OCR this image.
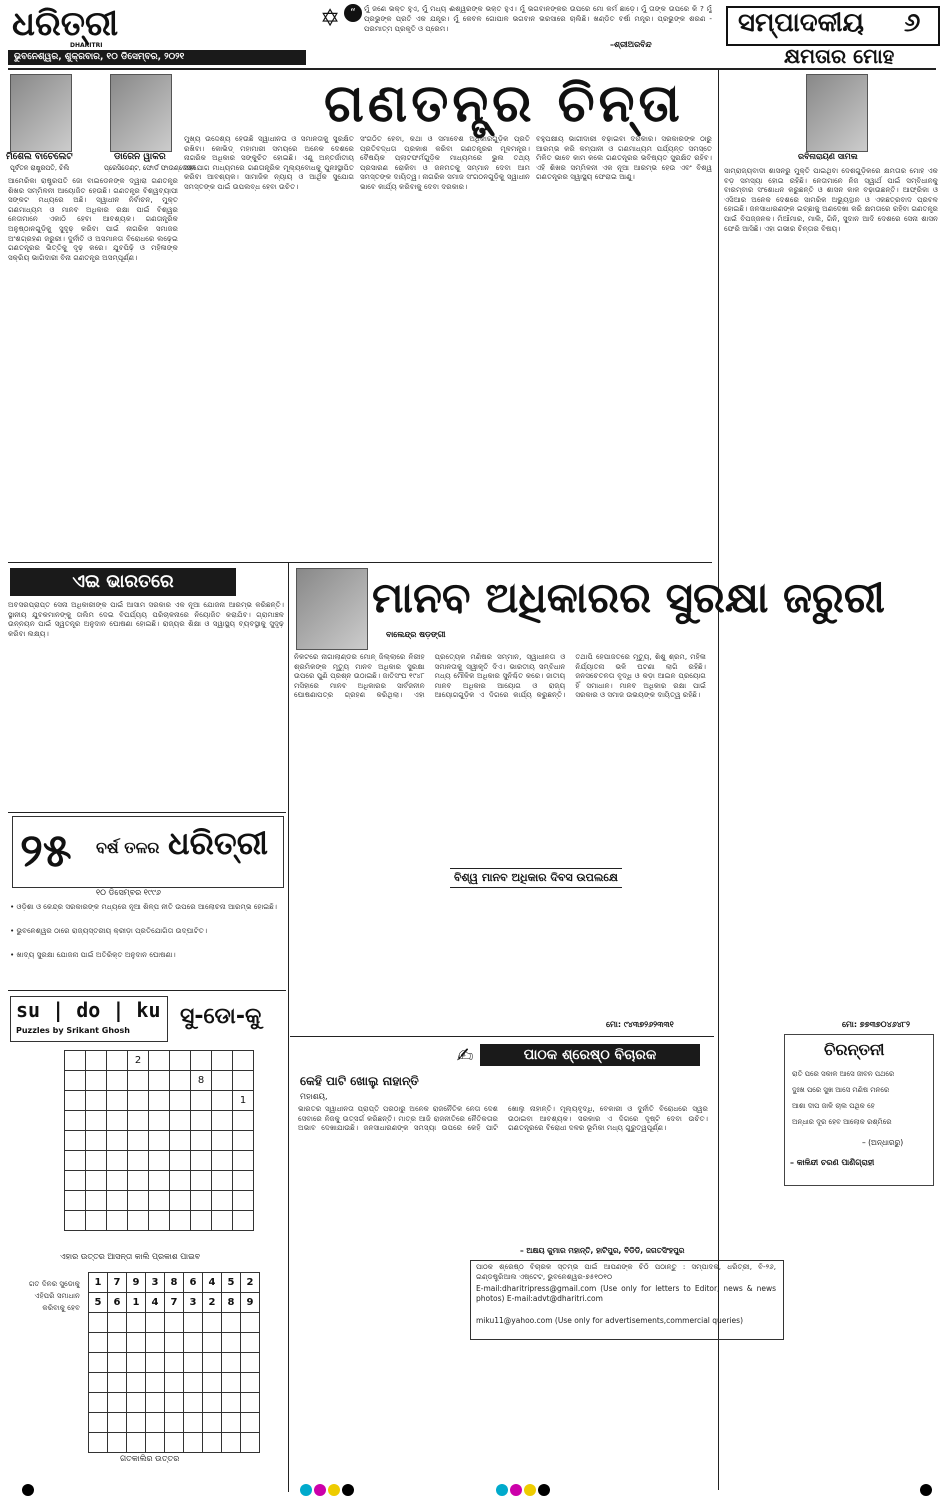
ଧରିତ୍ରୀ
DHARITRI
ଭୁବନେଶ୍ୱର, ଶୁକ୍ରବାର, ୧୦ ଡିସେମ୍ବର, ୨୦୨୧
✡ “	ମୁଁ ଜଣେ ଭକ୍ତ ହୁଏ, ମୁଁ ମଧ୍ୟ ଈଶ୍ୱରଙ୍କ ଭକ୍ତ ହୁଏ। ମୁଁ ଭଗବାନଙ୍କର ଉପରେ ମୋ କର୍ମ ଛାଡ଼େ। ମୁଁ ତାଙ୍କ ଉପରେ କି ? ମୁଁ ପ୍ରଭୁଙ୍କ ପ୍ରତି ଏକ ଯନ୍ତ୍ର। ମୁଁ କେବଳ ଗୋପାଳ ଭଗବାନ ଭରସାରେ ଚାଲିଛି। ଖଣ୍ଡିତ ବର୍ଷା ମନ୍ତ୍ର। ପ୍ରଭୁଙ୍କ ଶରଣ - ପରମାତ୍ମ ପ୍ରକୃତି ଓ ପ୍ରେମ।
–ଶ୍ରୀଅରବିନ୍ଦ
ସମ୍ପାଦକୀୟ ୬
ମିଶେଲ ବାଚେଲେଟ
ପୂର୍ବତନ ରାଷ୍ଟ୍ରପତି, ଚିଲି
ଡାରେନ ୱାକର
ପ୍ରେସିଡେଣ୍ଟ, ଫୋର୍ଡ ଫାଉଣ୍ଡେସନ
ଗଣତନ୍ତ୍ର ଚିନ୍ତା
ଆମେରିକା ରାଷ୍ଟ୍ରପତି ଜୋ ବାଇଡେନଙ୍କ ଦ୍ୱାରା ଗଣତନ୍ତ୍ର ଶିଖର ସମ୍ମିଳନୀ ଆୟୋଜିତ ହେଉଛି। ଗଣତନ୍ତ୍ର ବିଶ୍ୱବ୍ୟାପୀ ସଙ୍କଟ ମଧ୍ୟରେ ଅଛି। ସ୍ୱାଧୀନ ନିର୍ବାଚନ, ମୁକ୍ତ ଗଣମାଧ୍ୟମ ଓ ମାନବ ଅଧିକାର ରକ୍ଷା ପାଇଁ ବିଶ୍ୱର ନେତାମାନେ ଏକାଠି ହେବା ଆବଶ୍ୟକ। ଗଣତାନ୍ତ୍ରିକ ଅନୁଷ୍ଠାନଗୁଡ଼ିକୁ ସୁଦୃଢ଼ କରିବା ପାଇଁ ନାଗରିକ ସମାଜର ଅଂଶଗ୍ରହଣ ଜରୁରୀ। ଦୁର୍ନୀତି ଓ ଅସମାନତା ବିରୋଧରେ ଲଢ଼େଇ ଗଣତନ୍ତ୍ରର ଭିତ୍ତିକୁ ଦୃଢ଼ କରେ। ଯୁବପିଢ଼ି ଓ ମହିଳାଙ୍କ ସକ୍ରିୟ ଭାଗିଦାରୀ ବିନା ଗଣତନ୍ତ୍ର ଅସମ୍ପୂର୍ଣ୍ଣ।
ମୁଖ୍ୟ ଉଦ୍ଦେଶ୍ୟ ହେଉଛି ସ୍ୱାଧୀନତା ଓ ସମାନତାକୁ ସୁରକ୍ଷିତ ରଖିବା। କୋଭିଡ୍ ମହାମାରୀ ସମୟରେ ଅନେକ ଦେଶରେ ନାଗରିକ ଅଧିକାର ସଙ୍କୁଚିତ ହୋଇଛି। ଏଣୁ ଅନ୍ତର୍ଜାତୀୟ ସହଯୋଗ ମାଧ୍ୟମରେ ଗଣତାନ୍ତ୍ରିକ ମୂଲ୍ୟବୋଧକୁ ପୁନଃସ୍ଥାପିତ କରିବା ଆବଶ୍ୟକ। ସାମାଜିକ ନ୍ୟାୟ ଓ ଆର୍ଥିକ ସୁଯୋଗ ସମସ୍ତଙ୍କ ପାଇଁ ଉପଲବ୍ଧ ହେବା ଉଚିତ।
ସଂଗଠିତ ହେବା, କଥା ଓ ସମାବେଶ ଅଧିକାରଗୁଡ଼ିକ ପ୍ରତି ପ୍ରତିବଦ୍ଧତା ପ୍ରକାଶ କରିବା ଗଣତନ୍ତ୍ରର ମୂଳମନ୍ତ୍ର। ବୈଷୟିକ ପ୍ଲାଟଫର୍ମଗୁଡ଼ିକ ମାଧ୍ୟମରେ ଭୁଲ ତଥ୍ୟ ପ୍ରସାରଣ ରୋକିବା ଓ ଜନମତକୁ ସମ୍ମାନ ଦେବା ଆମ ସମସ୍ତଙ୍କ ଦାୟିତ୍ୱ। ନାଗରିକ ସମାଜ ସଂଗଠନଗୁଡ଼ିକୁ ସ୍ୱାଧୀନ ଭାବେ କାର୍ଯ୍ୟ କରିବାକୁ ଦେବା ଦରକାର।
ବହୁପକ୍ଷୀୟ ଭାଗୀଦାରୀ ବଢ଼ାଇବା ଦରକାର। ସରକାରଙ୍କ ଠାରୁ ଆରମ୍ଭ କରି କମ୍ପାନୀ ଓ ଗଣମାଧ୍ୟମ ପର୍ଯ୍ୟନ୍ତ ସମସ୍ତେ ମିଳିତ ଭାବେ କାମ କଲେ ଗଣତନ୍ତ୍ରର ଭବିଷ୍ୟତ ସୁରକ୍ଷିତ ରହିବ। ଏହି ଶିଖର ସମ୍ମିଳନୀ ଏକ ନୂଆ ଆରମ୍ଭ ହେଉ ଏବଂ ବିଶ୍ୱ ଗଣତନ୍ତ୍ରର ସ୍ୱାସ୍ଥ୍ୟ ଫେରାଇ ଆଣୁ।
କ୍ଷମତାର ମୋହ
ରବିନାରାୟଣ ସାମଲ
ସାମ୍ରାଜ୍ୟବାଦୀ ଶାସନରୁ ମୁକ୍ତି ପାଇଥିବା ଦେଶଗୁଡ଼ିକରେ କ୍ଷମତାର ମୋହ ଏକ ବଡ଼ ସମସ୍ୟା ହୋଇ ରହିଛି। ନେତାମାନେ ନିଜ ସ୍ୱାର୍ଥ ପାଇଁ ସମ୍ବିଧାନକୁ ବାରମ୍ବାର ସଂଶୋଧନ କରୁଛନ୍ତି ଓ ଶାସନ କାଳ ବଢ଼ାଉଛନ୍ତି। ଆଫ୍ରିକା ଓ ଏସିଆର ଅନେକ ଦେଶରେ ସାମରିକ ଅଭ୍ୟୁତ୍ଥାନ ଓ ଏକଛତ୍ରବାଦ ପ୍ରବଳ ହୋଇଛି। ଜନସାଧାରଣଙ୍କ ଇଚ୍ଛାକୁ ଅଣଦେଖା କରି କ୍ଷମତାରେ ରହିବା ଗଣତନ୍ତ୍ର ପାଇଁ ବିପଜ୍ଜନକ। ମିଆଁମାର, ମାଲି, ଗିନି, ସୁଦାନ ଆଦି ଦେଶରେ ସେନା ଶାସନ ଫେରି ଆସିଛି। ଏହା ଗଭୀର ଚିନ୍ତାର ବିଷୟ।
ମୋ: ୭୭୩୭୦୪୬୪୮୨
ଚିରନ୍ତନୀ
ରାତି ପରେ ସକାଳ ଆସେ ଜୀବନ ପଥରେ
ଦୁଃଖ ପରେ ସୁଖ ଆସେ ମଣିଷ ମନରେ
ଆଶା ଦୀପ ଜାଳି ଚାଲ ପଥିକ ହେ
ଅନ୍ଧାର ଦୂର ହେବ ଆଲୋକ ରଶ୍ମିରେ
– (ଅନ୍ଧାରରୁ)
– କାଳିନ୍ଦୀ ଚରଣ ପାଣିଗ୍ରାହୀ
ଏଇ ଭାରତରେ
ଅବସରପ୍ରାପ୍ତ ସେନା ଅଧିକାରୀଙ୍କ ପାଇଁ ଆସାମ ସରକାର ଏକ ନୂଆ ଯୋଜନା ଆରମ୍ଭ କରିଛନ୍ତି। ସ୍ଥାନୀୟ ଯୁବକମାନଙ୍କୁ ତାଲିମ ଦେଇ ବିପର୍ଯ୍ୟୟ ପରିଚାଳନାରେ ନିୟୋଜିତ କରାଯିବ। ଗ୍ରାମାଞ୍ଚଳ ଉନ୍ନୟନ ପାଇଁ ସ୍ୱତନ୍ତ୍ର ଅନୁଦାନ ଘୋଷଣା ହୋଇଛି। ରାଜ୍ୟର ଶିକ୍ଷା ଓ ସ୍ୱାସ୍ଥ୍ୟ ବ୍ୟବସ୍ଥାକୁ ସୁଦୃଢ଼ କରିବା ଲକ୍ଷ୍ୟ।
୨୫ ବର୍ଷ ତଳର ଧରିତ୍ରୀ
୧୦ ଡିସେମ୍ବର ୧୯୯୬
• ଓଡ଼ିଶା ଓ କେନ୍ଦ୍ର ସରକାରଙ୍କ ମଧ୍ୟରେ ନୂଆ ଶିଳ୍ପ ନୀତି ଉପରେ ଆଲୋଚନା ଆରମ୍ଭ ହୋଇଛି।
• ଭୁବନେଶ୍ୱର ଠାରେ ରାଜ୍ୟସ୍ତରୀୟ କ୍ରୀଡ଼ା ପ୍ରତିଯୋଗିତା ଉଦ୍‌ଘାଟିତ।
• ଖାଦ୍ୟ ସୁରକ୍ଷା ଯୋଜନା ପାଇଁ ଅତିରିକ୍ତ ଅନୁଦାନ ଘୋଷଣା।
su | do | ku
Puzzles by Srikant Ghosh
ସୁ-ଡୋ-କୁ
			2					
						8		
								1

ଏହାର ଉତ୍ତର ଆସନ୍ତା କାଲି ପ୍ରକାଶ ପାଇବ
ଗତ ଦିନର ସୁଡୋକୁ ଏହିପରି ସମାଧାନ କରିବାକୁ ହେବ
1	7	9	3	8	6	4	5	2
5	6	1	4	7	3	2	8	9

ଗତକାଲିର ଉତ୍ତର
ମାନବ ଅଧିକାରର ସୁରକ୍ଷା ଜରୁରୀ
ବାଲେନ୍ଦ୍ର ଷଡ଼ଙ୍ଗୀ
ନିକଟରେ ନାଗାଲାଣ୍ଡର ମୋନ୍ ଜିଲ୍ଲାରେ ନିରୀହ ଶ୍ରମିକଙ୍କ ମୃତ୍ୟୁ ମାନବ ଅଧିକାର ସୁରକ୍ଷା ଉପରେ ପୁଣି ପ୍ରଶ୍ନ ଉଠାଇଛି। ଜାତିସଂଘ ୧୯୪୮ ମସିହାରେ ମାନବ ଅଧିକାରର ସାର୍ବଜନୀନ ଘୋଷଣାପତ୍ର ଗ୍ରହଣ କରିଥିଲା। ଏହା ପ୍ରତ୍ୟେକ ମଣିଷର ସମ୍ମାନ, ସ୍ୱାଧୀନତା ଓ ସମାନତାକୁ ସ୍ୱୀକୃତି ଦିଏ। ଭାରତୀୟ ସମ୍ବିଧାନ ମଧ୍ୟ ମୌଳିକ ଅଧିକାର ସୁନିଶ୍ଚିତ କରେ। ଜାତୀୟ ମାନବ ଅଧିକାର ଆୟୋଗ ଓ ରାଜ୍ୟ ଆୟୋଗଗୁଡ଼ିକ ଏ ଦିଗରେ କାର୍ଯ୍ୟ କରୁଛନ୍ତି। ତଥାପି ହେପାଜତରେ ମୃତ୍ୟୁ, ଶିଶୁ ଶ୍ରମ, ମହିଳା ନିର୍ଯ୍ୟାତନା ଭଳି ଘଟଣା ଲାଗି ରହିଛି। ଜନସଚେତନତା ବୃଦ୍ଧି ଓ କଡ଼ା ଆଇନ ପ୍ରୟୋଗ ହିଁ ସମାଧାନ। ମାନବ ଅଧିକାର ରକ୍ଷା ପାଇଁ ସରକାର ଓ ସମାଜ ଉଭୟଙ୍କ ଦାୟିତ୍ୱ ରହିଛି।
ବିଶ୍ୱ ମାନବ ଅଧିକାର ଦିବସ ଉପଲକ୍ଷେ
ମୋ: ୯୪୩୭୨୬୨୩୩୧
✍	ପାଠକ ଶ୍ରେଷ୍ଠ ବିଚାରକ
କେହି ପାଟି ଖୋଲୁ ନାହାନ୍ତି
ମହାଶୟ,
ଭାରତର ସ୍ୱାଧୀନତା ପ୍ରାପ୍ତି ପରଠାରୁ ଅନେକ ରାଜନୈତିକ ନେତା ଦେଶ ସେବାରେ ନିଜକୁ ଉତ୍ସର୍ଗ କରିଛନ୍ତି। ମାତ୍ର ଆଜି ରାଜନୀତିରେ ନୈତିକତାର ଅଭାବ ଦେଖାଯାଉଛି। ଜନସାଧାରଣଙ୍କ ସମସ୍ୟା ଉପରେ କେହି ପାଟି ଖୋଲୁ ନାହାନ୍ତି। ମୂଲ୍ୟବୃଦ୍ଧି, ବେକାରୀ ଓ ଦୁର୍ନୀତି ବିରୋଧରେ ସ୍ୱର ଉଠାଇବା ଆବଶ୍ୟକ। ସରକାର ଏ ଦିଗରେ ଦୃଷ୍ଟି ଦେବା ଉଚିତ। ଗଣତନ୍ତ୍ରରେ ବିରୋଧୀ ଦଳର ଭୂମିକା ମଧ୍ୟ ଗୁରୁତ୍ୱପୂର୍ଣ୍ଣ।
– ଅକ୍ଷୟ କୁମାର ମହାନ୍ତି, ହାଟିପୁର, ବିଡିଡି, ଜଗତସିଂହପୁର
ପାଠକ ଶ୍ରେଷ୍ଠ ବିଚାରକ ସ୍ତମ୍ଭ ପାଇଁ ଆପଣଙ୍କ ଚିଠି ପଠାନ୍ତୁ : ସମ୍ପାଦକ, ଧରିତ୍ରୀ, ବି-୨୬, ଇଣ୍ଡଷ୍ଟ୍ରିଆଲ ଏଷ୍ଟେଟ, ଭୁବନେଶ୍ୱର-୭୫୧୦୧୦
E-mail:dharitripress@gmail.com (Use only for letters to Editor, news & news photos) E-mail:advt@dharitri.com
miku11@yahoo.com (Use only for advertisements,commercial queries)
